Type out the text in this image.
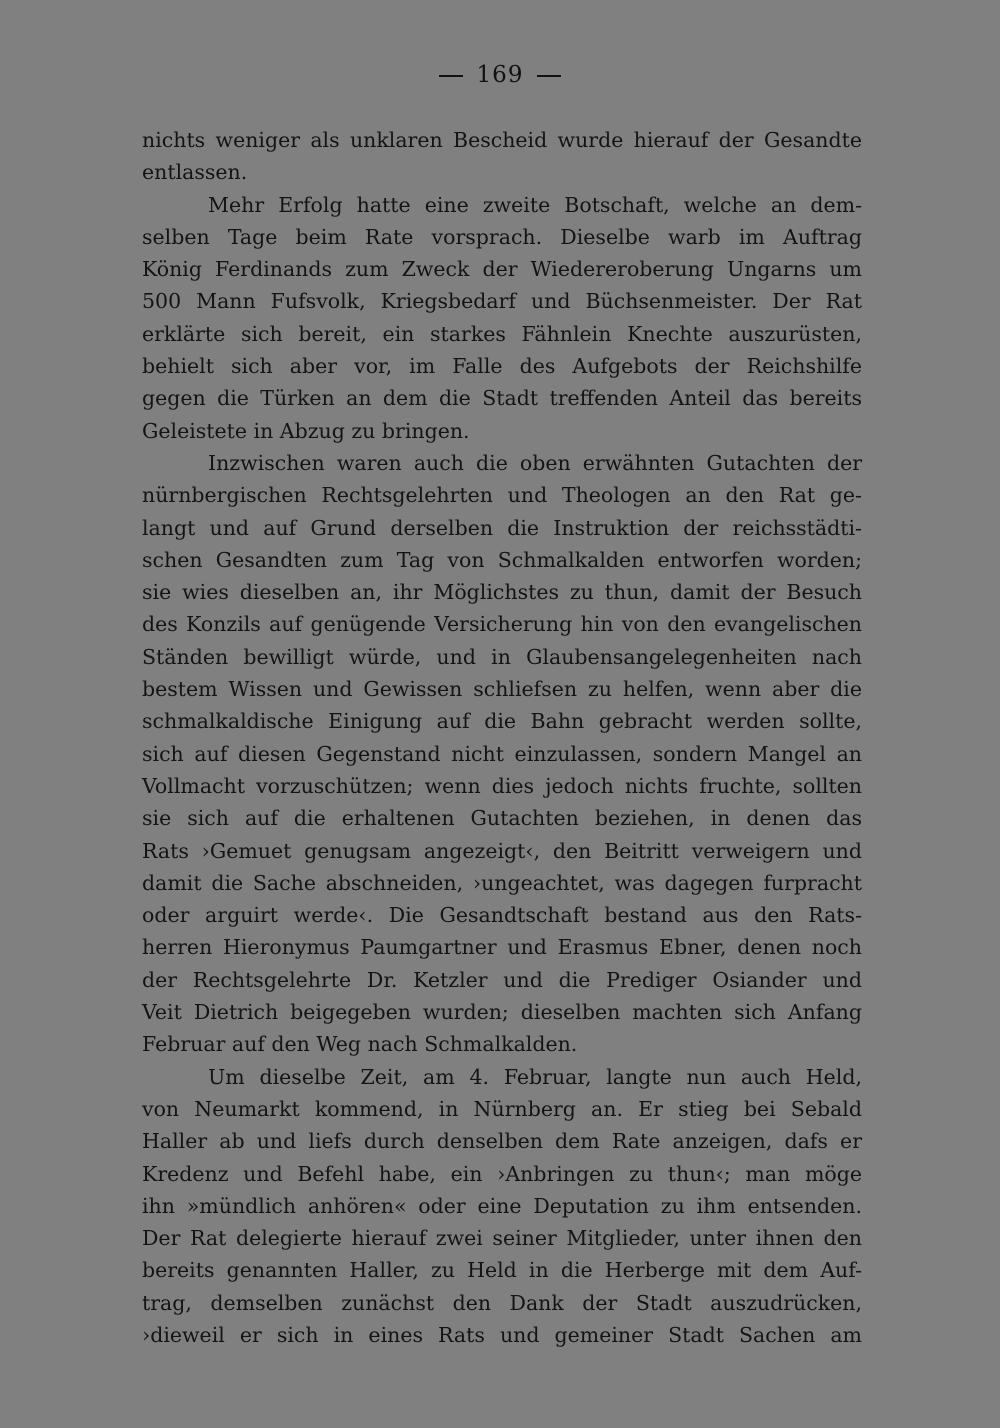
169
nichts weniger als unklaren Bescheid wurde hierauf der Gesandte
entlassen.
Mehr Erfolg hatte eine zweite Botschaft, welche an dem-
selben Tage beim Rate vorsprach. Dieselbe warb im Auftrag
König Ferdinands zum Zweck der Wiedereroberung Ungarns um
500 Mann Fufsvolk, Kriegsbedarf und Büchsenmeister. Der Rat
erklärte sich bereit, ein starkes Fähnlein Knechte auszurüsten,
behielt sich aber vor, im Falle des Aufgebots der Reichshilfe
gegen die Türken an dem die Stadt treffenden Anteil das bereits
Geleistete in Abzug zu bringen.
Inzwischen waren auch die oben erwähnten Gutachten der
nürnbergischen Rechtsgelehrten und Theologen an den Rat ge-
langt und auf Grund derselben die Instruktion der reichsstädti-
schen Gesandten zum Tag von Schmalkalden entworfen worden;
sie wies dieselben an, ihr Möglichstes zu thun, damit der Besuch
des Konzils auf genügende Versicherung hin von den evangelischen
Ständen bewilligt würde, und in Glaubensangelegenheiten nach
bestem Wissen und Gewissen schliefsen zu helfen, wenn aber die
schmalkaldische Einigung auf die Bahn gebracht werden sollte,
sich auf diesen Gegenstand nicht einzulassen, sondern Mangel an
Vollmacht vorzuschützen; wenn dies jedoch nichts fruchte, sollten
sie sich auf die erhaltenen Gutachten beziehen, in denen das
Rats ›Gemuet genugsam angezeigt‹, den Beitritt verweigern und
damit die Sache abschneiden, ›ungeachtet, was dagegen furpracht
oder arguirt werde‹. Die Gesandtschaft bestand aus den Rats-
herren Hieronymus Paumgartner und Erasmus Ebner, denen noch
der Rechtsgelehrte Dr. Ketzler und die Prediger Osiander und
Veit Dietrich beigegeben wurden; dieselben machten sich Anfang
Februar auf den Weg nach Schmalkalden.
Um dieselbe Zeit, am 4. Februar, langte nun auch Held,
von Neumarkt kommend, in Nürnberg an. Er stieg bei Sebald
Haller ab und liefs durch denselben dem Rate anzeigen, dafs er
Kredenz und Befehl habe, ein ›Anbringen zu thun‹; man möge
ihn »mündlich anhören« oder eine Deputation zu ihm entsenden.
Der Rat delegierte hierauf zwei seiner Mitglieder, unter ihnen den
bereits genannten Haller, zu Held in die Herberge mit dem Auf-
trag, demselben zunächst den Dank der Stadt auszudrücken,
›dieweil er sich in eines Rats und gemeiner Stadt Sachen am
